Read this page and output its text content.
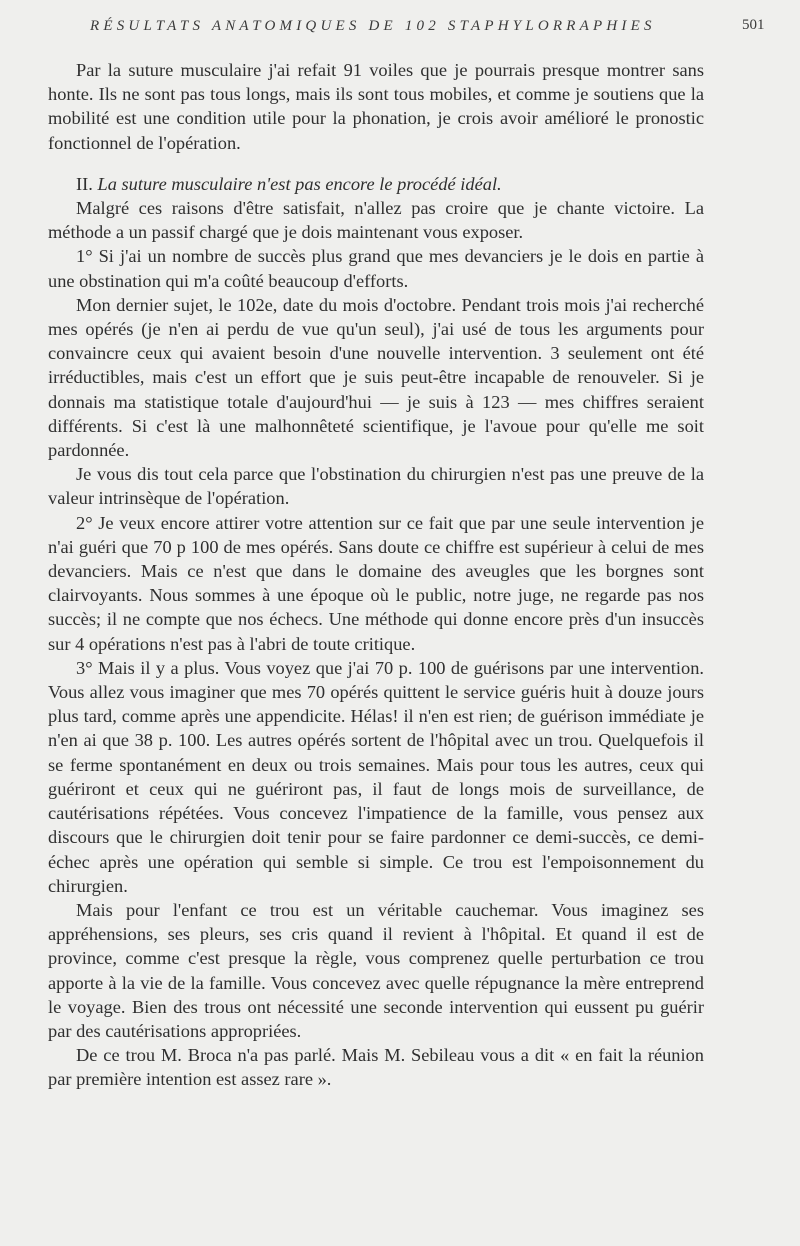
RÉSULTATS ANATOMIQUES DE 102 STAPHYLORRAPHIES	501

Par la suture musculaire j'ai refait 91 voiles que je pourrais presque montrer sans honte. Ils ne sont pas tous longs, mais ils sont tous mobiles, et comme je soutiens que la mobilité est une condition utile pour la phonation, je crois avoir amélioré le pronostic fonctionnel de l'opération.

II. La suture musculaire n'est pas encore le procédé idéal.

Malgré ces raisons d'être satisfait, n'allez pas croire que je chante victoire. La méthode a un passif chargé que je dois maintenant vous exposer.

1° Si j'ai un nombre de succès plus grand que mes devanciers je le dois en partie à une obstination qui m'a coûté beaucoup d'efforts.

Mon dernier sujet, le 102e, date du mois d'octobre. Pendant trois mois j'ai recherché mes opérés (je n'en ai perdu de vue qu'un seul), j'ai usé de tous les arguments pour convaincre ceux qui avaient besoin d'une nouvelle intervention. 3 seulement ont été irréductibles, mais c'est un effort que je suis peut-être incapable de renouveler. Si je donnais ma statistique totale d'aujourd'hui — je suis à 123 — mes chiffres seraient différents. Si c'est là une malhonnêteté scientifique, je l'avoue pour qu'elle me soit pardonnée.

Je vous dis tout cela parce que l'obstination du chirurgien n'est pas une preuve de la valeur intrinsèque de l'opération.

2° Je veux encore attirer votre attention sur ce fait que par une seule intervention je n'ai guéri que 70 p 100 de mes opérés. Sans doute ce chiffre est supérieur à celui de mes devanciers. Mais ce n'est que dans le domaine des aveugles que les borgnes sont clairvoyants. Nous sommes à une époque où le public, notre juge, ne regarde pas nos succès; il ne compte que nos échecs. Une méthode qui donne encore près d'un insuccès sur 4 opérations n'est pas à l'abri de toute critique.

3° Mais il y a plus. Vous voyez que j'ai 70 p. 100 de guérisons par une intervention. Vous allez vous imaginer que mes 70 opérés quittent le service guéris huit à douze jours plus tard, comme après une appendicite. Hélas! il n'en est rien; de guérison immédiate je n'en ai que 38 p. 100. Les autres opérés sortent de l'hôpital avec un trou. Quelquefois il se ferme spontanément en deux ou trois semaines. Mais pour tous les autres, ceux qui guériront et ceux qui ne guériront pas, il faut de longs mois de surveillance, de cautérisations répétées. Vous concevez l'impatience de la famille, vous pensez aux discours que le chirurgien doit tenir pour se faire pardonner ce demi-succès, ce demi-échec après une opération qui semble si simple. Ce trou est l'empoisonnement du chirurgien.

Mais pour l'enfant ce trou est un véritable cauchemar. Vous imaginez ses appréhensions, ses pleurs, ses cris quand il revient à l'hôpital. Et quand il est de province, comme c'est presque la règle, vous comprenez quelle perturbation ce trou apporte à la vie de la famille. Vous concevez avec quelle répugnance la mère entreprend le voyage. Bien des trous ont nécessité une seconde intervention qui eussent pu guérir par des cautérisations appropriées.

De ce trou M. Broca n'a pas parlé. Mais M. Sebileau vous a dit « en fait la réunion par première intention est assez rare ».
